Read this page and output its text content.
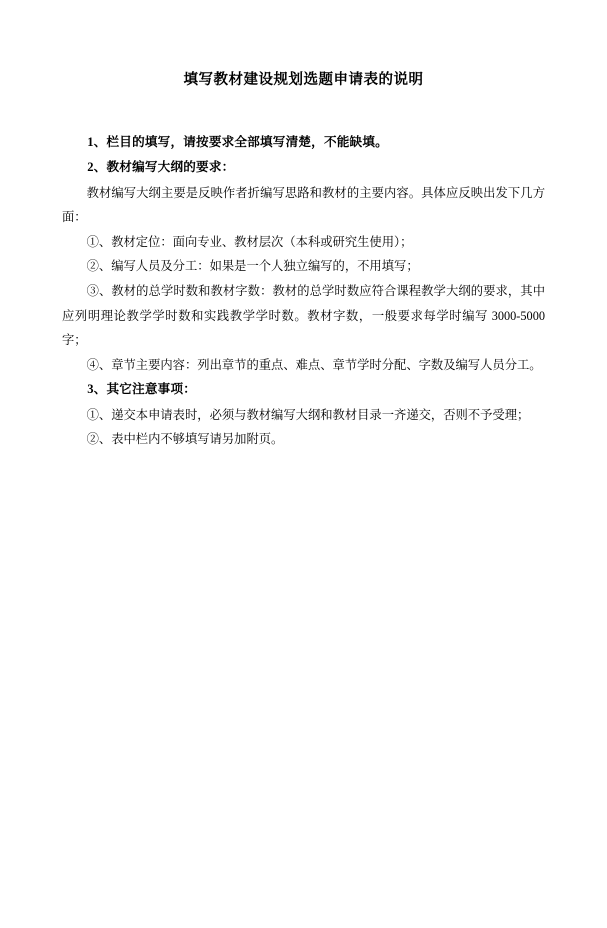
填写教材建设规划选题申请表的说明

1、栏目的填写，请按要求全部填写清楚，不能缺填。

2、教材编写大纲的要求：

教材编写大纲主要是反映作者折编写思路和教材的主要内容。具体应反映出发下几方面：

①、教材定位：面向专业、教材层次（本科或研究生使用）；

②、编写人员及分工：如果是一个人独立编写的，不用填写；

③、教材的总学时数和教材字数：教材的总学时数应符合课程教学大纲的要求，其中应列明理论教学学时数和实践教学学时数。教材字数，一般要求每学时编写 3000-5000 字；

④、章节主要内容：列出章节的重点、难点、章节学时分配、字数及编写人员分工。

3、其它注意事项：

①、递交本申请表时，必须与教材编写大纲和教材目录一齐递交，否则不予受理；

②、表中栏内不够填写请另加附页。
